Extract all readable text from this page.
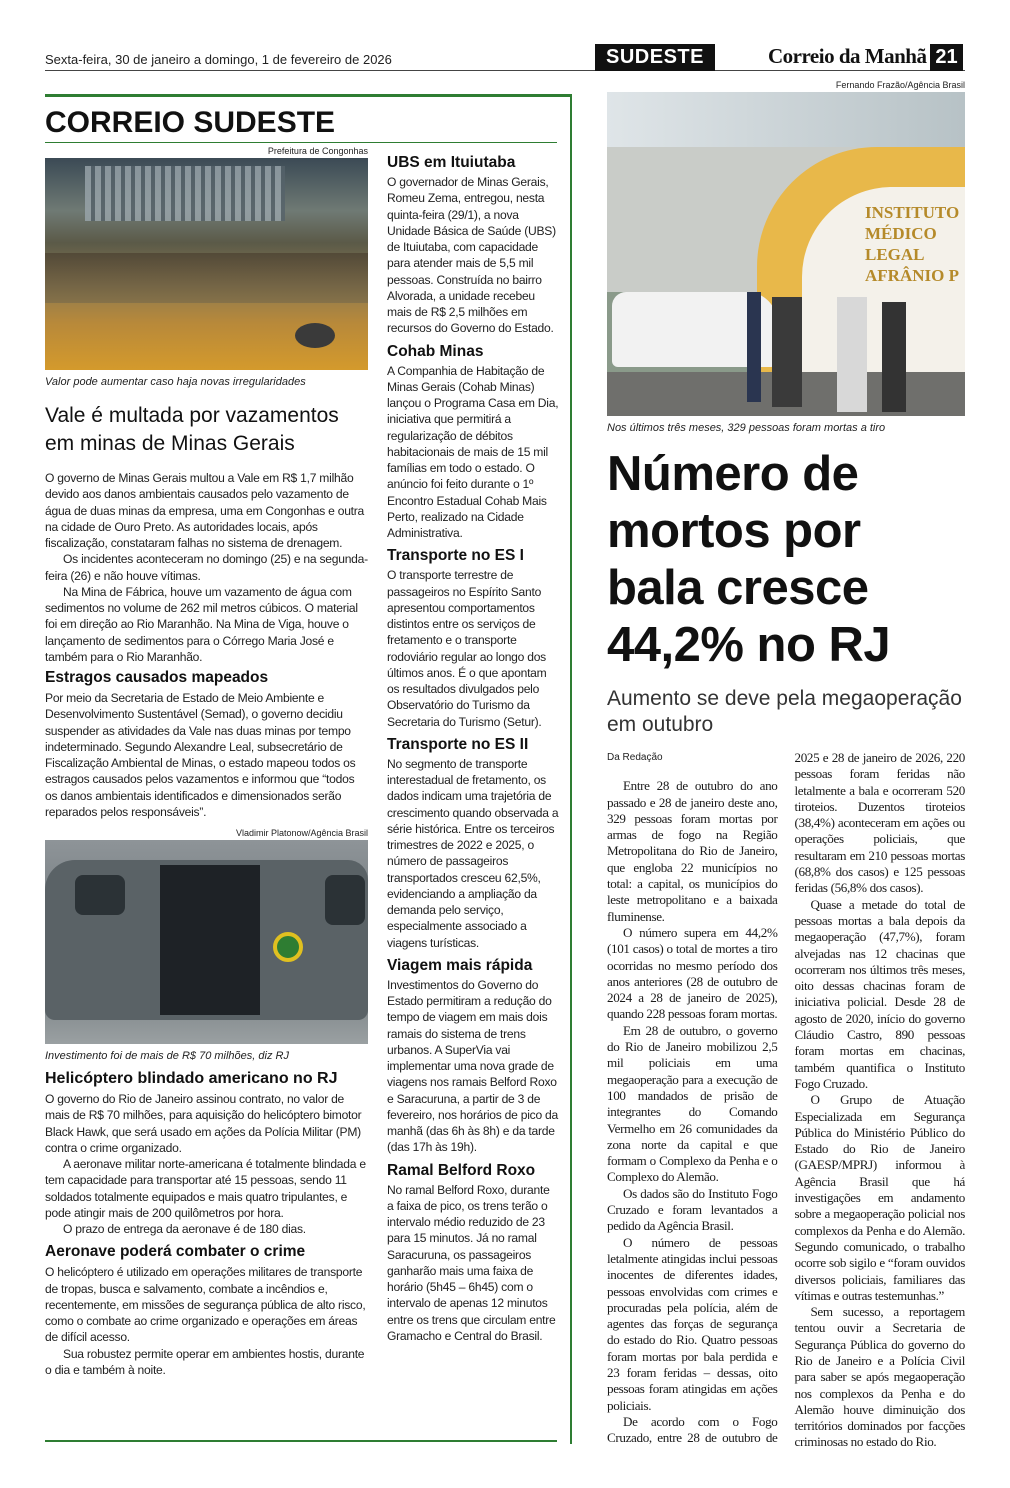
Sexta-feira, 30 de janeiro a domingo, 1 de fevereiro de 2026	SUDESTE	Correio da Manhã 21
CORREIO SUDESTE
Prefeitura de Congonhas
Valor pode aumentar caso haja novas irregularidades
Vale é multada por vazamentos em minas de Minas Gerais

O governo de Minas Gerais multou a Vale em R$ 1,7 milhão devido aos danos ambientais causados pelo vazamento de água de duas minas da empresa, uma em Congonhas e outra na cidade de Ouro Preto. As autoridades locais, após fiscalização, constataram falhas no sistema de drenagem.

Os incidentes aconteceram no domingo (25) e na segunda-feira (26) e não houve vítimas.

Na Mina de Fábrica, houve um vazamento de água com sedimentos no volume de 262 mil metros cúbicos. O material foi em direção ao Rio Maranhão. Na Mina de Viga, houve o lançamento de sedimentos para o Córrego Maria José e também para o Rio Maranhão.

Estragos causados mapeados

Por meio da Secretaria de Estado de Meio Ambiente e Desenvolvimento Sustentável (Semad), o governo decidiu suspender as atividades da Vale nas duas minas por tempo indeterminado. Segundo Alexandre Leal, subsecretário de Fiscalização Ambiental de Minas, o estado mapeou todos os estragos causados pelos vazamentos e informou que “todos os danos ambientais identificados e dimensionados serão reparados pelos responsáveis”.

Vladimir Platonow/Agência Brasil
Investimento foi de mais de R$ 70 milhões, diz RJ
Helicóptero blindado americano no RJ

O governo do Rio de Janeiro assinou contrato, no valor de mais de R$ 70 milhões, para aquisição do helicóptero bimotor Black Hawk, que será usado em ações da Polícia Militar (PM) contra o crime organizado.

A aeronave militar norte-americana é totalmente blindada e tem capacidade para transportar até 15 pessoas, sendo 11 soldados totalmente equipados e mais quatro tripulantes, e pode atingir mais de 200 quilômetros por hora.

O prazo de entrega da aeronave é de 180 dias.

Aeronave poderá combater o crime

O helicóptero é utilizado em operações militares de transporte de tropas, busca e salvamento, combate a incêndios e, recentemente, em missões de segurança pública de alto risco, como o combate ao crime organizado e operações em áreas de difícil acesso.

Sua robustez permite operar em ambientes hostis, durante o dia e também à noite.

UBS em Ituiutaba
O governador de Minas Gerais, Romeu Zema, entregou, nesta quinta-feira (29/1), a nova Unidade Básica de Saúde (UBS) de Ituiutaba, com capacidade para atender mais de 5,5 mil pessoas. Construída no bairro Alvorada, a unidade recebeu mais de R$ 2,5 milhões em recursos do Governo do Estado.
Cohab Minas
A Companhia de Habitação de Minas Gerais (Cohab Minas) lançou o Programa Casa em Dia, iniciativa que permitirá a regularização de débitos habitacionais de mais de 15 mil famílias em todo o estado. O anúncio foi feito durante o 1º Encontro Estadual Cohab Mais Perto, realizado na Cidade Administrativa.
Transporte no ES I
O transporte terrestre de passageiros no Espírito Santo apresentou comportamentos distintos entre os serviços de fretamento e o transporte rodoviário regular ao longo dos últimos anos. É o que apontam os resultados divulgados pelo Observatório do Turismo da Secretaria do Turismo (Setur).
Transporte no ES II
No segmento de transporte interestadual de fretamento, os dados indicam uma trajetória de crescimento quando observada a série histórica. Entre os terceiros trimestres de 2022 e 2025, o número de passageiros transportados cresceu 62,5%, evidenciando a ampliação da demanda pelo serviço, especialmente associado a viagens turísticas.
Viagem mais rápida
Investimentos do Governo do Estado permitiram a redução do tempo de viagem em mais dois ramais do sistema de trens urbanos. A SuperVia vai implementar uma nova grade de viagens nos ramais Belford Roxo e Saracuruna, a partir de 3 de fevereiro, nos horários de pico da manhã (das 6h às 8h) e da tarde (das 17h às 19h).
Ramal Belford Roxo
No ramal Belford Roxo, durante a faixa de pico, os trens terão o intervalo médio reduzido de 23 para 15 minutos. Já no ramal Saracuruna, os passageiros ganharão mais uma faixa de horário (5h45 – 6h45) com o intervalo de apenas 12 minutos entre os trens que circulam entre Gramacho e Central do Brasil.
Fernando Frazão/Agência Brasil
INSTITUTO MÉDICO LEGAL AFRÂNIO P
Nos últimos três meses, 329 pessoas foram mortas a tiro
Número de mortos por bala cresce 44,2% no RJ
Aumento se deve pela megaoperação em outubro
Da Redação

Entre 28 de outubro do ano passado e 28 de janeiro deste ano, 329 pessoas foram mortas por armas de fogo na Região Metropolitana do Rio de Janeiro, que engloba 22 municípios no total: a capital, os municípios do leste metropolitano e a baixada fluminense.

O número supera em 44,2% (101 casos) o total de mortes a tiro ocorridas no mesmo período dos anos anteriores (28 de outubro de 2024 a 28 de janeiro de 2025), quando 228 pessoas foram mortas.

Em 28 de outubro, o governo do Rio de Janeiro mobilizou 2,5 mil policiais em uma megaoperação para a execução de 100 mandados de prisão de integrantes do Comando Vermelho em 26 comunidades da zona norte da capital e que formam o Complexo da Penha e o Complexo do Alemão.

Os dados são do Instituto Fogo Cruzado e foram levantados a pedido da Agência Brasil.

O número de pessoas letalmente atingidas inclui pessoas inocentes de diferentes idades, pessoas envolvidas com crimes e procuradas pela polícia, além de agentes das forças de segurança do estado do Rio. Quatro pessoas foram mortas por bala perdida e 23 foram feridas – dessas, oito pessoas foram atingidas em ações policiais.

De acordo com o Fogo Cruzado, entre 28 de outubro de 2025 e 28 de janeiro de 2026, 220 pessoas foram feridas não letalmente a bala e ocorreram 520 tiroteios. Duzentos tiroteios (38,4%) aconteceram em ações ou operações policiais, que resultaram em 210 pessoas mortas (68,8% dos casos) e 125 pessoas feridas (56,8% dos casos).

Quase a metade do total de pessoas mortas a bala depois da megaoperação (47,7%), foram alvejadas nas 12 chacinas que ocorreram nos últimos três meses, oito dessas chacinas foram de iniciativa policial. Desde 28 de agosto de 2020, início do governo Cláudio Castro, 890 pessoas foram mortas em chacinas, também quantifica o Instituto Fogo Cruzado.

O Grupo de Atuação Especializada em Segurança Pública do Ministério Público do Estado do Rio de Janeiro (GAESP/MPRJ) informou à Agência Brasil que há investigações em andamento sobre a megaoperação policial nos complexos da Penha e do Alemão. Segundo comunicado, o trabalho ocorre sob sigilo e “foram ouvidos diversos policiais, familiares das vítimas e outras testemunhas.”

Sem sucesso, a reportagem tentou ouvir a Secretaria de Segurança Pública do governo do Rio de Janeiro e a Polícia Civil para saber se após megaoperação nos complexos da Penha e do Alemão houve diminuição dos territórios dominados por facções criminosas no estado do Rio.
